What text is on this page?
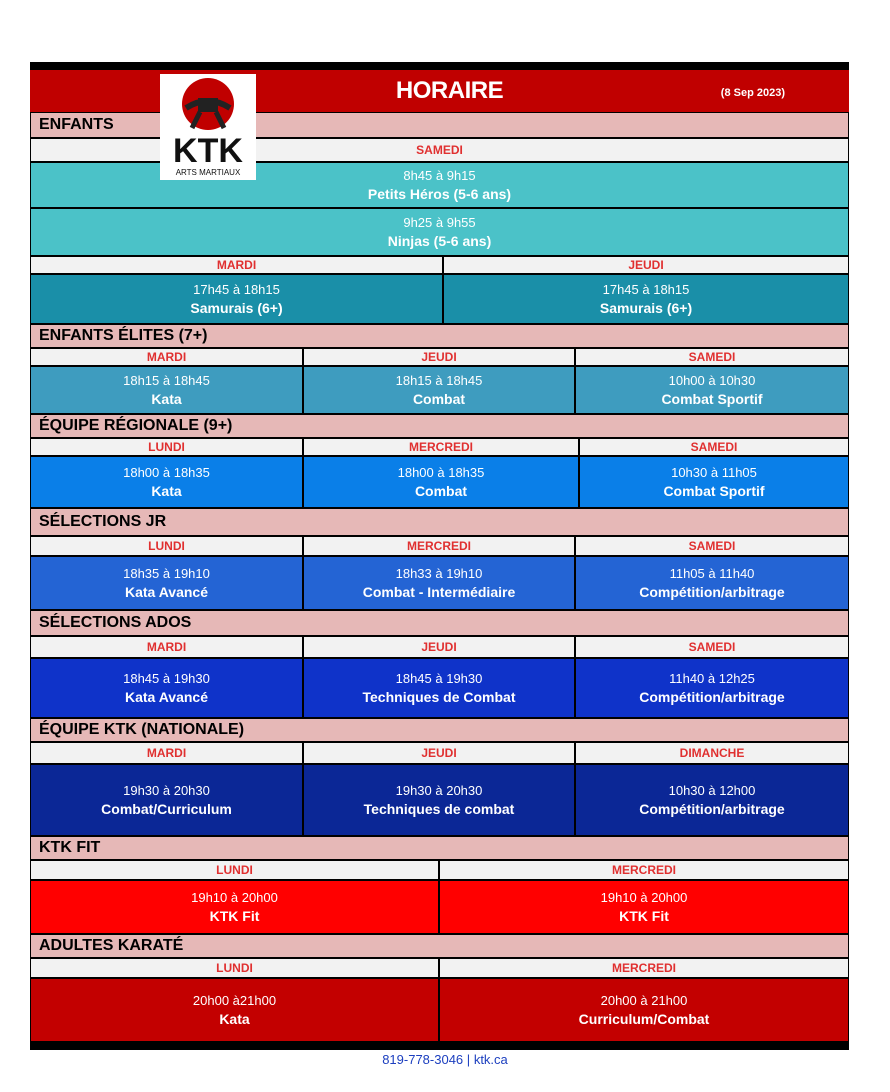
HORAIRE	(8 Sep 2023)
KTK
ARTS MARTIAUX
ENFANTS
SAMEDI
8h45 à 9h15
Petits Héros (5-6 ans)
9h25 à 9h55
Ninjas (5-6 ans)
MARDI	JEUDI
17h45 à 18h15
Samurais (6+)
17h45 à 18h15
Samurais (6+)
ENFANTS ÉLITES (7+)
MARDI	JEUDI	SAMEDI
18h15 à 18h45
Kata
18h15 à 18h45
Combat
10h00 à 10h30
Combat Sportif
ÉQUIPE RÉGIONALE (9+)
LUNDI	MERCREDI	SAMEDI
18h00 à 18h35
Kata
18h00 à 18h35
Combat
10h30 à 11h05
Combat Sportif
SÉLECTIONS JR
LUNDI	MERCREDI	SAMEDI
18h35 à 19h10
Kata Avancé
18h33 à 19h10
Combat - Intermédiaire
11h05 à 11h40
Compétition/arbitrage
SÉLECTIONS ADOS
MARDI	JEUDI	SAMEDI
18h45 à 19h30
Kata Avancé
18h45 à 19h30
Techniques de Combat
11h40 à 12h25
Compétition/arbitrage
ÉQUIPE KTK (NATIONALE)
MARDI	JEUDI	DIMANCHE
19h30 à 20h30
Combat/Curriculum
19h30 à 20h30
Techniques de combat
10h30 à 12h00
Compétition/arbitrage
KTK FIT
LUNDI	MERCREDI
19h10 à 20h00
KTK Fit
19h10 à 20h00
KTK Fit
ADULTES KARATÉ
LUNDI	MERCREDI
20h00 à21h00
Kata
20h00 à 21h00
Curriculum/Combat
819-778-3046 | ktk.ca
